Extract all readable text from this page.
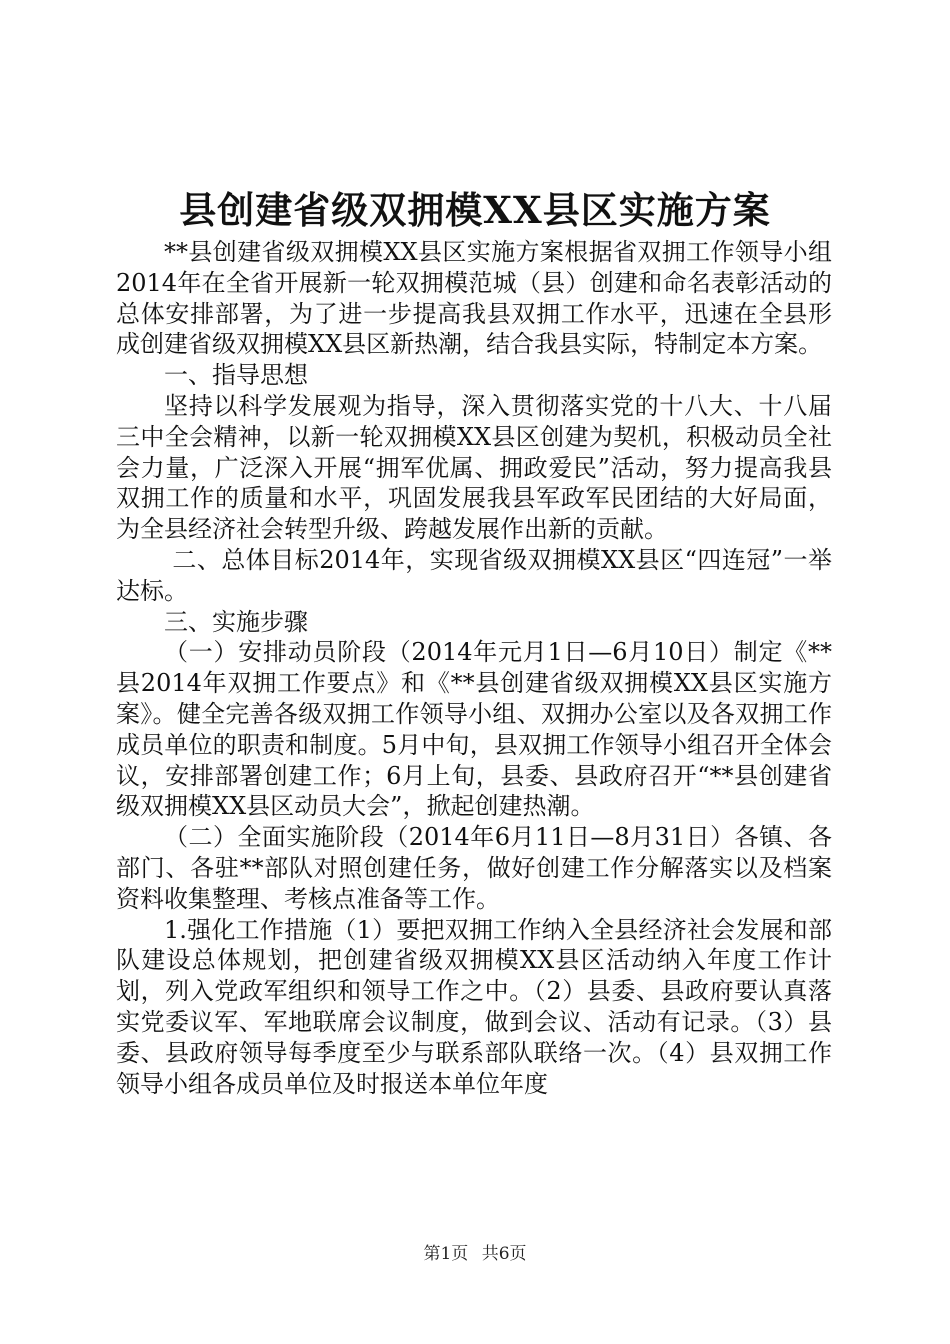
县创建省级双拥模XX县区实施方案

**县创建省级双拥模XX县区实施方案根据省双拥工作领导小组2014年在全省开展新一轮双拥模范城（县）创建和命名表彰活动的总体安排部署，为了进一步提高我县双拥工作水平，迅速在全县形成创建省级双拥模XX县区新热潮，结合我县实际，特制定本方案。

一、指导思想

坚持以科学发展观为指导，深入贯彻落实党的十八大、十八届三中全会精神，以新一轮双拥模XX县区创建为契机，积极动员全社会力量，广泛深入开展“拥军优属、拥政爱民”活动，努力提高我县双拥工作的质量和水平，巩固发展我县军政军民团结的大好局面，为全县经济社会转型升级、跨越发展作出新的贡献。

二、总体目标2014年，实现省级双拥模XX县区“四连冠”一举达标。

三、实施步骤

（一）安排动员阶段（2014年元月1日—6月10日）制定《**县2014年双拥工作要点》和《**县创建省级双拥模XX县区实施方案》。健全完善各级双拥工作领导小组、双拥办公室以及各双拥工作成员单位的职责和制度。5月中旬，县双拥工作领导小组召开全体会议，安排部署创建工作；6月上旬，县委、县政府召开“**县创建省级双拥模XX县区动员大会”，掀起创建热潮。

（二）全面实施阶段（2014年6月11日—8月31日）各镇、各部门、各驻**部队对照创建任务，做好创建工作分解落实以及档案资料收集整理、考核点准备等工作。

1.强化工作措施（1）要把双拥工作纳入全县经济社会发展和部队建设总体规划，把创建省级双拥模XX县区活动纳入年度工作计划，列入党政军组织和领导工作之中。（2）县委、县政府要认真落实党委议军、军地联席会议制度，做到会议、活动有记录。（3）县委、县政府领导每季度至少与联系部队联络一次。（4）县双拥工作领导小组各成员单位及时报送本单位年度

第1页 共6页
